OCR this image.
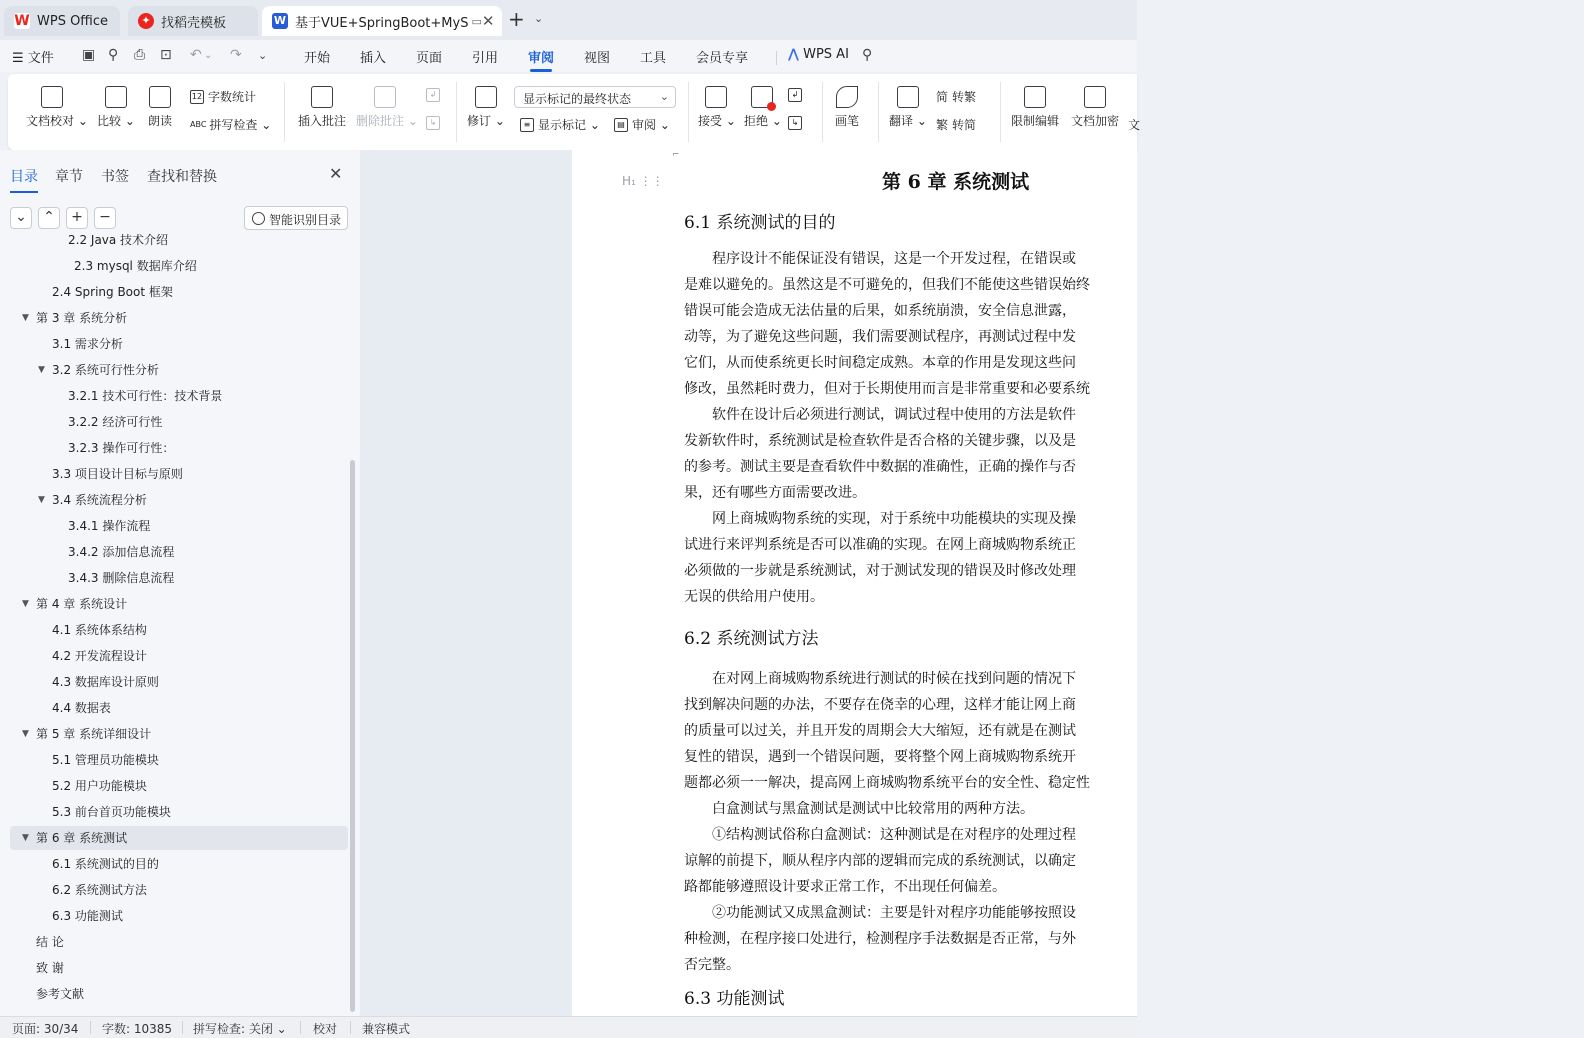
W WPS Office	✦ 找稻壳模板	W 基于VUE+SpringBoot+MyS ▭ ✕ + ⌄
☰ 文件 ▣ ⚲ ⎙ ⊡ ↶ ⌄ ↷ ⌄	开始 插入 页面 引用 审阅 视图 工具 会员专享	⋀ WPS AI ⚲
文档校对 ⌄ 比较 ⌄ 朗读
12 字数统计
ABC 拼写检查 ⌄ 插入批注 删除批注 ⌄
↲
↳	修订 ⌄
显示标记的最终状态	⌄
≡ 显示标记 ⌄	▤ 审阅 ⌄ 接受 ⌄ 拒绝 ⌄
↲
↳	画笔	翻译 ⌄
简 转繁
繁 转简	限制编辑 文档加密 文
目录 章节 书签 查找和替换	✕
⌄	⌃	+	−	智能识别目录
2.2 Java 技术介绍
2.3 mysql 数据库介绍
2.4 Spring Boot 框架
▼ 第 3 章 系统分析
3.1 需求分析
▼ 3.2 系统可行性分析
3.2.1 技术可行性：技术背景
3.2.2 经济可行性
3.2.3 操作可行性：
3.3 项目设计目标与原则
▼ 3.4 系统流程分析
3.4.1 操作流程
3.4.2 添加信息流程
3.4.3 删除信息流程
▼ 第 4 章 系统设计
4.1 系统体系结构
4.2 开发流程设计
4.3 数据库设计原则
4.4 数据表
▼ 第 5 章 系统详细设计
5.1 管理员功能模块
5.2 用户功能模块
5.3 前台首页功能模块
▼ 第 6 章 系统测试
6.1 系统测试的目的
6.2 系统测试方法
6.3 功能测试
结 论
致 谢
参考文献
⌐
H₁ ⋮⋮	第 6 章 系统测试
6.1 系统测试的目的
　　程序设计不能保证没有错误，这是一个开发过程，在错误或
是难以避免的。虽然这是不可避免的，但我们不能使这些错误始终
错误可能会造成无法估量的后果，如系统崩溃，安全信息泄露，
动等，为了避免这些问题，我们需要测试程序，再测试过程中发
它们，从而使系统更长时间稳定成熟。本章的作用是发现这些问
修改，虽然耗时费力，但对于长期使用而言是非常重要和必要系统
　　软件在设计后必须进行测试，调试过程中使用的方法是软件
发新软件时，系统测试是检查软件是否合格的关键步骤，以及是
的参考。测试主要是查看软件中数据的准确性，正确的操作与否
果，还有哪些方面需要改进。
　　网上商城购物系统的实现，对于系统中功能模块的实现及操
试进行来评判系统是否可以准确的实现。在网上商城购物系统正
必须做的一步就是系统测试，对于测试发现的错误及时修改处理
无误的供给用户使用。
6.2 系统测试方法
　　在对网上商城购物系统进行测试的时候在找到问题的情况下
找到解决问题的办法，不要存在侥幸的心理，这样才能让网上商
的质量可以过关，并且开发的周期会大大缩短，还有就是在测试
复性的错误，遇到一个错误问题，要将整个网上商城购物系统开
题都必须一一解决，提高网上商城购物系统平台的安全性、稳定性
　　白盒测试与黑盒测试是测试中比较常用的两种方法。
　　①结构测试俗称白盒测试：这种测试是在对程序的处理过程
谅解的前提下，顺从程序内部的逻辑而完成的系统测试，以确定
路都能够遵照设计要求正常工作，不出现任何偏差。
　　②功能测试又成黑盒测试：主要是针对程序功能能够按照设
种检测，在程序接口处进行，检测程序手法数据是否正常，与外
否完整。
6.3 功能测试
页面: 30/34 字数: 10385 拼写检查: 关闭 ⌄ 校对 兼容模式
